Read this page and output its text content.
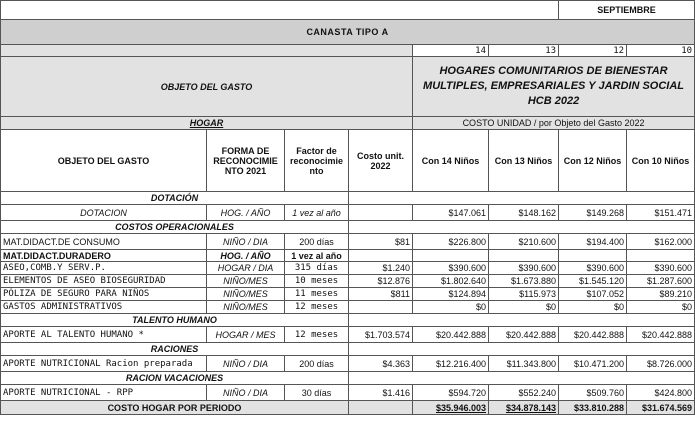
						SEPTIEMBRE	
CANASTA TIPO A							
				14	13	12	10
OBJETO DEL GASTO				HOGARES COMUNITARIOS DE BIENESTAR MULTIPLES, EMPRESARIALES Y JARDIN SOCIAL HCB 2022			
HOGAR				COSTO UNIDAD / por Objeto del Gasto 2022			
OBJETO DEL GASTO	FORMA DE RECONOCIMIE NTO 2021	Factor de reconocimie nto	Costo unit. 2022	Con 14 Niños	Con 13 Niños	Con 12 Niños	Con 10 Niños
DOTACIÓN							
DOTACION	HOG. / AÑO	1 vez al año		$147.061	$148.162	$149.268	$151.471
COSTOS OPERACIONALES							
MAT.DIDACT.DE CONSUMO	NIÑO / DIA	200 días	$81	$226.800	$210.600	$194.400	$162.000
MAT.DIDACT.DURADERO	HOG. / AÑO	1 vez al año					
ASEO,COMB.Y SERV.P.	HOGAR / DIA	315 días	$1.240	$390.600	$390.600	$390.600	$390.600
ELEMENTOS DE ASEO BIOSEGURIDAD	NIÑO/MES	10 meses	$12.876	$1.802.640	$1.673.880	$1.545.120	$1.287.600
PÓLIZA DE SEGURO PARA NIÑOS	NIÑO/MES	11 meses	$811	$124.894	$115.973	$107.052	$89.210
GASTOS ADMINISTRATIVOS	NIÑO/MES	12 meses		$0	$0	$0	$0
TALENTO HUMANO							
APORTE AL TALENTO HUMANO *	HOGAR / MES	12 meses	$1.703.574	$20.442.888	$20.442.888	$20.442.888	$20.442.888
RACIONES							
APORTE NUTRICIONAL Racion preparada	NIÑO / DIA	200 días	$4.363	$12.216.400	$11.343.800	$10.471.200	$8.726.000
RACION VACACIONES							
APORTE NUTRICIONAL - RPP	NIÑO / DIA	30 días	$1.416	$594.720	$552.240	$509.760	$424.800
COSTO HOGAR POR PERIODO				$35.946.003	$34.878.143	$33.810.288	$31.674.569
